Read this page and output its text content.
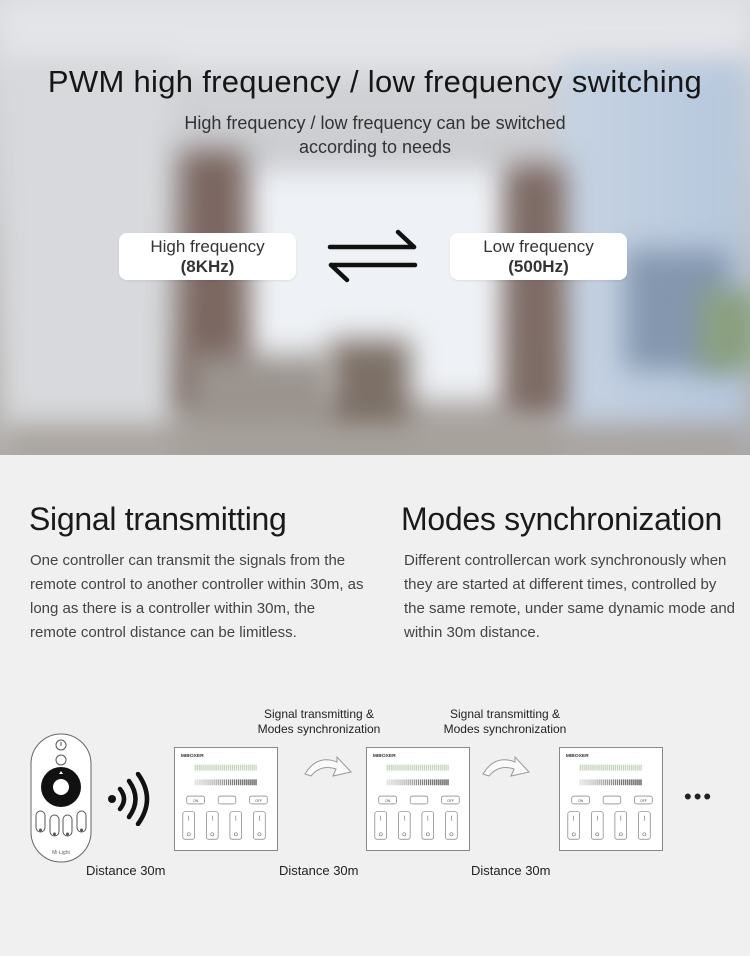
PWM high frequency / low frequency switching
High frequency / low frequency can be switched according to needs
High frequency
(8KHz)
Low frequency
(500Hz)
Signal transmitting
One controller can transmit the signals from the remote control to another controller within 30m, as long as there is a controller within 30m, the remote control distance can be limitless.
Modes synchronization
Different controllercan work synchronously when they are started at different times, controlled by the same remote, under same dynamic mode and within 30m distance.
Mi·Light
MIBOXER
ON	OFF
MIBOXER
ON	OFF
MIBOXER
ON	OFF
Signal transmitting &
Modes synchronization
Signal transmitting &
Modes synchronization
Distance 30m	Distance 30m	Distance 30m
•••
